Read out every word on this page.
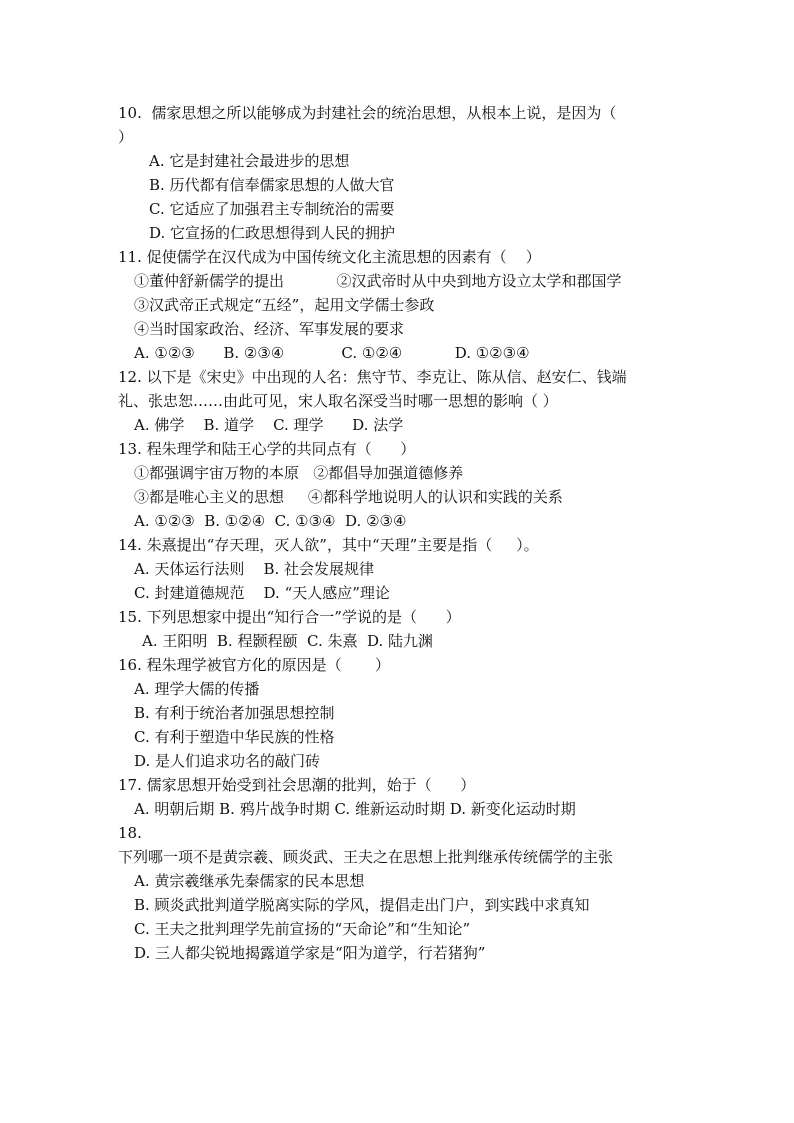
10.  儒家思想之所以能够成为封建社会的统治思想，从根本上说，是因为（
）
A. 它是封建社会最进步的思想
B. 历代都有信奉儒家思想的人做大官
C. 它适应了加强君主专制统治的需要
D. 它宣扬的仁政思想得到人民的拥护
11. 促使儒学在汉代成为中国传统文化主流思想的因素有（    ）
①董仲舒新儒学的提出           ②汉武帝时从中央到地方设立太学和郡国学
③汉武帝正式规定“五经”，起用文学儒士参政
④当时国家政治、经济、军事发展的要求
A. ①②③      B. ②③④            C. ①②④           D. ①②③④
12. 以下是《宋史》中出现的人名：焦守节、李克让、陈从信、赵安仁、钱端
礼、张忠恕……由此可见，宋人取名深受当时哪一思想的影响（ ）
A. 佛学    B. 道学    C. 理学      D. 法学
13. 程朱理学和陆王心学的共同点有（      ）
①都强调宇宙万物的本原   ②都倡导加强道德修养
③都是唯心主义的思想     ④都科学地说明人的认识和实践的关系
A. ①②③  B. ①②④  C. ①③④  D. ②③④
14. 朱熹提出“存天理，灭人欲”，其中“天理”主要是指（     ）。
A. 天体运行法则    B. 社会发展规律
C. 封建道德规范    D. “天人感应”理论
15. 下列思想家中提出“知行合一”学说的是（      ）
A. 王阳明  B. 程颢程颐  C. 朱熹  D. 陆九渊
16. 程朱理学被官方化的原因是（       ）
A. 理学大儒的传播
B. 有利于统治者加强思想控制
C. 有利于塑造中华民族的性格
D. 是人们追求功名的敲门砖
17. 儒家思想开始受到社会思潮的批判，始于（      ）
A. 明朝后期 B. 鸦片战争时期 C. 维新运动时期 D. 新变化运动时期
18.
下列哪一项不是黄宗羲、顾炎武、王夫之在思想上批判继承传统儒学的主张
A. 黄宗羲继承先秦儒家的民本思想
B. 顾炎武批判道学脱离实际的学风，提倡走出门户，到实践中求真知
C. 王夫之批判理学先前宣扬的“天命论”和“生知论”
D. 三人都尖锐地揭露道学家是“阳为道学，行若猪狗”
